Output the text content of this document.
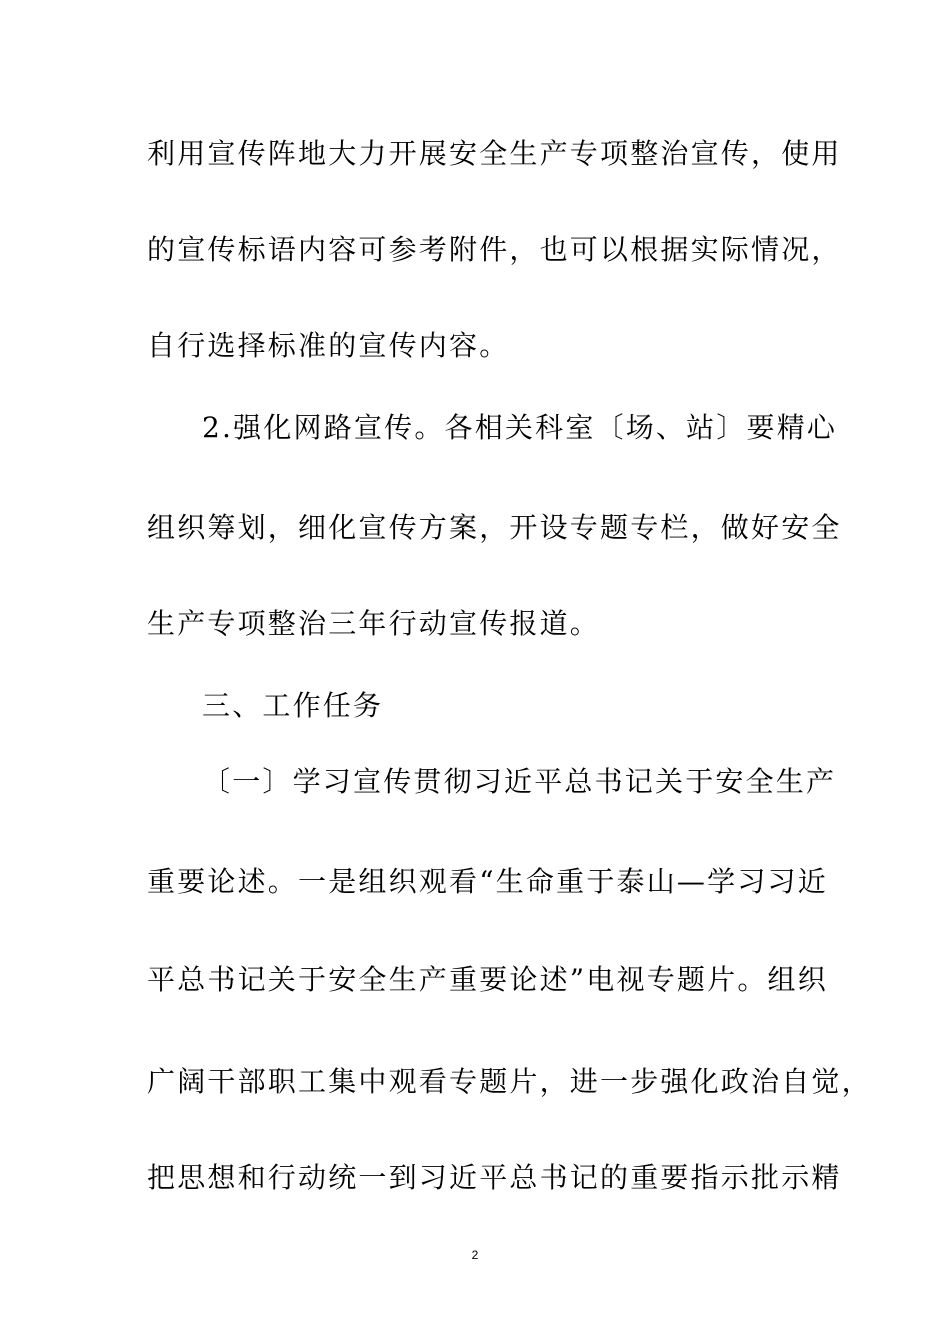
利用宣传阵地大力开展安全生产专项整治宣传，使用
的宣传标语内容可参考附件，也可以根据实际情况，
自行选择标准的宣传内容。
2.强化网路宣传。各相关科室〔场、站〕要精心
组织筹划，细化宣传方案，开设专题专栏，做好安全
生产专项整治三年行动宣传报道。
三、工作任务
〔一〕学习宣传贯彻习近平总书记关于安全生产
重要论述。一是组织观看“生命重于泰山—学习习近
平总书记关于安全生产重要论述”电视专题片。组织
广阔干部职工集中观看专题片，进一步强化政治自觉，
把思想和行动统一到习近平总书记的重要指示批示精
2
